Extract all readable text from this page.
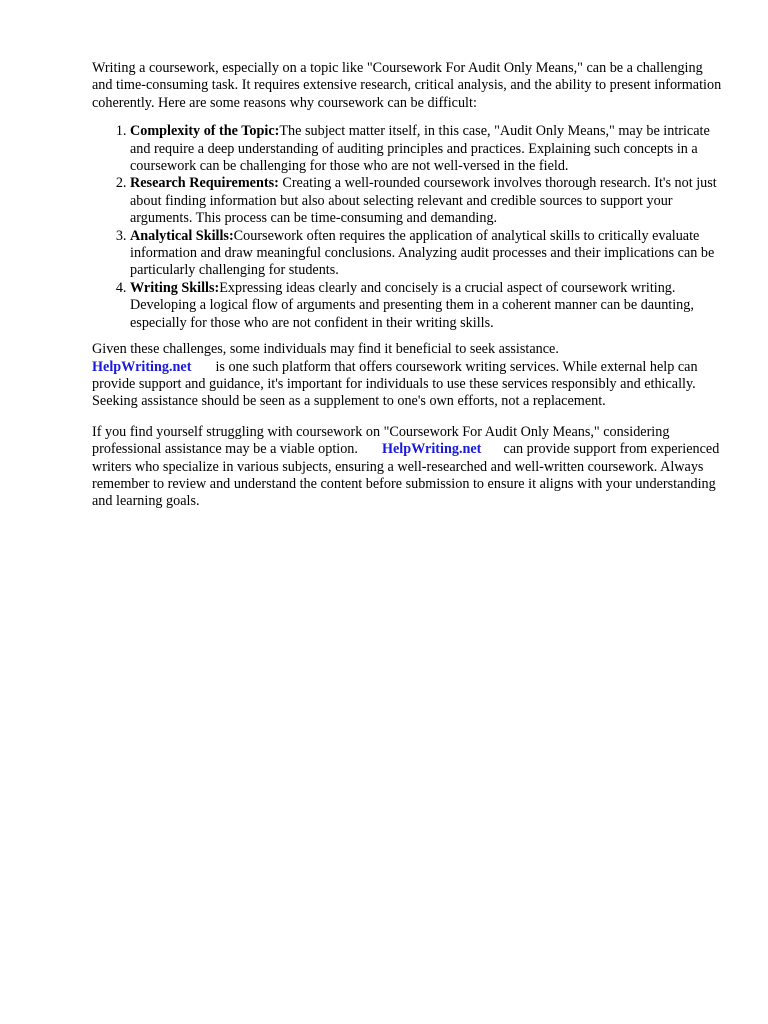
Writing a coursework, especially on a topic like "Coursework For Audit Only Means," can be a challenging and time-consuming task. It requires extensive research, critical analysis, and the ability to present information coherently. Here are some reasons why coursework can be difficult:

1. Complexity of the Topic:The subject matter itself, in this case, "Audit Only Means," may be intricate and require a deep understanding of auditing principles and practices. Explaining such concepts in a coursework can be challenging for those who are not well-versed in the field.
2. Research Requirements: Creating a well-rounded coursework involves thorough research. It's not just about finding information but also about selecting relevant and credible sources to support your arguments. This process can be time-consuming and demanding.
3. Analytical Skills:Coursework often requires the application of analytical skills to critically evaluate information and draw meaningful conclusions. Analyzing audit processes and their implications can be particularly challenging for students.
4. Writing Skills:Expressing ideas clearly and concisely is a crucial aspect of coursework writing. Developing a logical flow of arguments and presenting them in a coherent manner can be daunting, especially for those who are not confident in their writing skills.

Given these challenges, some individuals may find it beneficial to seek assistance.
HelpWriting.net is one such platform that offers coursework writing services. While external help can provide support and guidance, it's important for individuals to use these services responsibly and ethically. Seeking assistance should be seen as a supplement to one's own efforts, not a replacement.

If you find yourself struggling with coursework on "Coursework For Audit Only Means," considering professional assistance may be a viable option. HelpWriting.net can provide support from experienced writers who specialize in various subjects, ensuring a well-researched and well-written coursework. Always remember to review and understand the content before submission to ensure it aligns with your understanding and learning goals.
